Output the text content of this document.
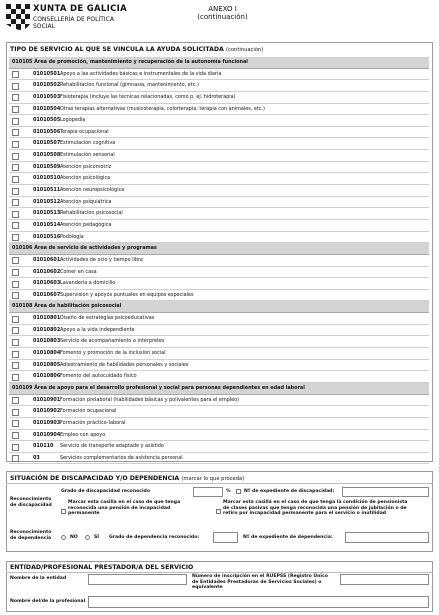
XUNTA DE GALICIA
CONSELLERÍA DE POLÍTICA
SOCIAL
ANEXO I
(continuación)
TIPO DE SERVICIO AL QUE SE VINCULA LA AYUDA SOLICITADA (continuación)
010105 Área de promoción, mantenimiento y recuperación de la autonomía funcional
01010501 Apoyo a las actividades básicas e instrumentales de la vida diaria
01010502 Rehabilitación funcional (gimnasia, mantenimiento, etc.)
01010503 Fisioterapia (incluye las técnicas relacionadas, como p. ej. hidroterapia)
01010504 Otras terapias alternativas (musicoterapia, colorterapia, terapia con animales, etc.)
01010505 Logopedia
01010506 Terapia ocupacional
01010507 Estimulación cognitiva
01010508 Estimulación sensorial
01010509 Atención psicomotriz
01010510 Atención psicológica
01010511 Atención neuropsicológica
01010512 Atención psiquiátrica
01010513 Rehabilitación psicosocial
01010514 Atención pedagógica
01010516 Podología
010106 Área de servicio de actividades y programas
01010601 Actividades de ocio y tiempo libre
01010602 Comer en casa
01010603 Lavandería a domicilio
01010607 Supervisión y apoyos puntuales en equipos especiales
010108 Área de habilitación psicosocial
01010801 Diseño de estrategias psicoeducativas
01010802 Apoyo a la vida independiente
01010803 Servicio de acompañamiento e intérpretes
01010804 Fomento y promoción de la inclusión social
01010805 Adiestramiento de habilidades personales y sociales
01010806 Fomento del autocuidado físico
010109 Área de apoyo para el desarrollo profesional y social para personas dependientes en edad laboral
01010901 Formación prelaboral (habilidades básicas y polivalentes para el empleo)
01010902 Formación ocupacional
01010903 Formación práctico-laboral
01010904 Empleo con apoyo
010110 Servicio de transporte adaptado y asistido
03	Servicios complementarios de asistencia personal
SITUACIÓN DE DISCAPACIDAD Y/O DEPENDENCIA (marcar lo que proceda)
Reconocimiento
de discapacidad
Grado de discapacidad reconocido	%	Nº de expediente de discapacidad:
Marcar esta casilla en el caso de que tenga
reconocida una pensión de incapacidad
permanente
Marcar esta casilla en el caso de que tenga la condición de pensionista
de clases pasivas que tenga reconocida una pensión de jubilación o de
retiro por incapacidad permanente para el servicio o inutilidad
Reconocimiento
de dependencia	NO	SÍ Grado de dependencia reconocido:	Nº de expediente de dependencia:
ENTIDAD/PROFESIONAL PRESTADOR/A DEL SERVICIO
Nombre de la entidad	Número de inscripción en el RUEPSS (Registro Único
de Entidades Prestadoras de Servicios Sociales) o
equivalente
Nombre del/de la profesional
